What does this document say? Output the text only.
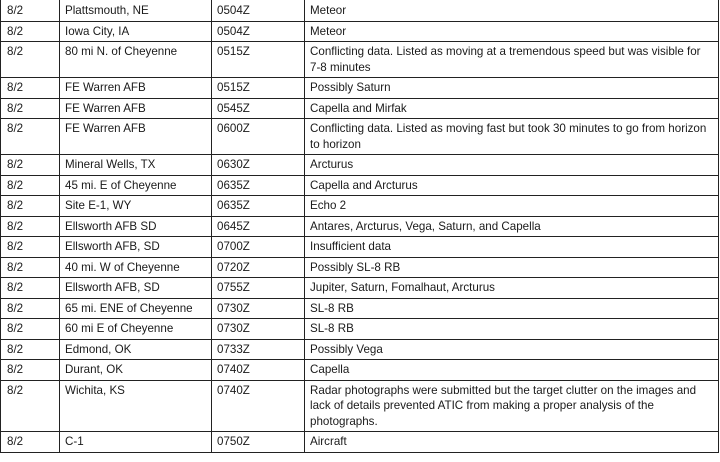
8/2	Plattsmouth, NE	0504Z	Meteor
8/2	Iowa City, IA	0504Z	Meteor
8/2	80 mi N. of Cheyenne	0515Z	Conflicting data. Listed as moving at a tremendous speed but was visible for 7-8 minutes
8/2	FE Warren AFB	0515Z	Possibly Saturn
8/2	FE Warren AFB	0545Z	Capella and Mirfak
8/2	FE Warren AFB	0600Z	Conflicting data. Listed as moving fast but took 30 minutes to go from horizon to horizon
8/2	Mineral Wells, TX	0630Z	Arcturus
8/2	45 mi. E of Cheyenne	0635Z	Capella and Arcturus
8/2	Site E-1, WY	0635Z	Echo 2
8/2	Ellsworth AFB SD	0645Z	Antares, Arcturus, Vega, Saturn, and Capella
8/2	Ellsworth AFB, SD	0700Z	Insufficient data
8/2	40 mi. W of Cheyenne	0720Z	Possibly SL-8 RB
8/2	Ellsworth AFB, SD	0755Z	Jupiter, Saturn, Fomalhaut, Arcturus
8/2	65 mi. ENE of Cheyenne	0730Z	SL-8 RB
8/2	60 mi E of Cheyenne	0730Z	SL-8 RB
8/2	Edmond, OK	0733Z	Possibly Vega
8/2	Durant, OK	0740Z	Capella
8/2	Wichita, KS	0740Z	Radar photographs were submitted but the target clutter on the images and lack of details prevented ATIC from making a proper analysis of the photographs.
8/2	C-1	0750Z	Aircraft
